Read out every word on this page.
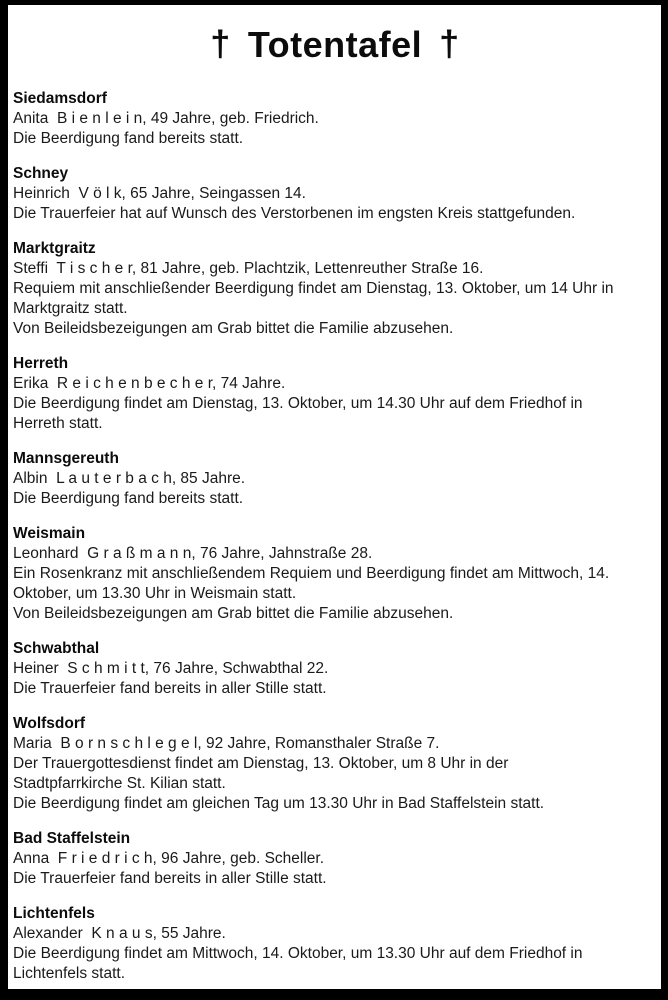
† Totentafel †
Siedamsdorf
Anita  B i e n l e i n, 49 Jahre, geb. Friedrich.
Die Beerdigung fand bereits statt.
Schney
Heinrich  V ö l k, 65 Jahre, Seingassen 14.
Die Trauerfeier hat auf Wunsch des Verstorbenen im engsten Kreis stattgefunden.
Marktgraitz
Steffi  T i s c h e r, 81 Jahre, geb. Plachtzik, Lettenreuther Straße 16.
Requiem mit anschließender Beerdigung findet am Dienstag, 13. Oktober, um 14 Uhr in
Marktgraitz statt.
Von Beileidsbezeigungen am Grab bittet die Familie abzusehen.
Herreth
Erika  R e i c h e n b e c h e r, 74 Jahre.
Die Beerdigung findet am Dienstag, 13. Oktober, um 14.30 Uhr auf dem Friedhof in
Herreth statt.
Mannsgereuth
Albin  L a u t e r b a c h, 85 Jahre.
Die Beerdigung fand bereits statt.
Weismain
Leonhard  G r a ß m a n n, 76 Jahre, Jahnstraße 28.
Ein Rosenkranz mit anschließendem Requiem und Beerdigung findet am Mittwoch, 14.
Oktober, um 13.30 Uhr in Weismain statt.
Von Beileidsbezeigungen am Grab bittet die Familie abzusehen.
Schwabthal
Heiner  S c h m i t t, 76 Jahre, Schwabthal 22.
Die Trauerfeier fand bereits in aller Stille statt.
Wolfsdorf
Maria  B o r n s c h l e g e l, 92 Jahre, Romansthaler Straße 7.
Der Trauergottesdienst findet am Dienstag, 13. Oktober, um 8 Uhr in der
Stadtpfarrkirche St. Kilian statt.
Die Beerdigung findet am gleichen Tag um 13.30 Uhr in Bad Staffelstein statt.
Bad Staffelstein
Anna  F r i e d r i c h, 96 Jahre, geb. Scheller.
Die Trauerfeier fand bereits in aller Stille statt.
Lichtenfels
Alexander  K n a u s, 55 Jahre.
Die Beerdigung findet am Mittwoch, 14. Oktober, um 13.30 Uhr auf dem Friedhof in
Lichtenfels statt.
